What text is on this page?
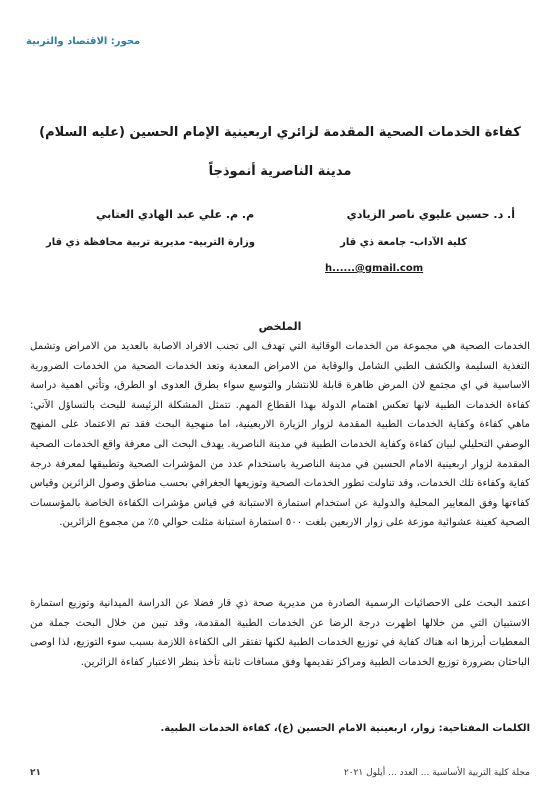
محور: الاقتصاد والتربية
كفاءة الخدمات الصحية المقدمة لزائري اربعينية الإمام الحسين (عليه السلام)
مدينة الناصرية أنموذجاً
أ. د. حسين عليوي ناصر الزيادي
كلية الآداب- جامعة ذي قار
h......@gmail.com
م. م. علي عبد الهادي العتابي
وزارة التربية- مديرية تربية محافظة ذي قار
الملخص
الخدمات الصحية هي مجموعة من الخدمات الوقائية التي تهدف الى تجنب الافراد الاصابة بالعديد من الامراض وتشمل التغذية السليمة والكشف الطبي الشامل والوقاية من الامراض المعدية وتعد الخدمات الصحية من الخدمات الضرورية الاساسية في اي مجتمع لان المرض ظاهرة قابلة للانتشار والتوسع سواء بطرق العدوى او الطرق، وتأتي اهمية دراسة كفاءة الخدمات الطبية لانها تعكس اهتمام الدولة بهذا القطاع المهم. تتمثل المشكلة الرئيسة للبحث بالتساؤل الآتي: ماهي كفاءة وكفاية الخدمات الطبية المقدمة لزوار الزيارة الاربعينية، اما منهجية البحث فقد تم الاعتماد على المنهج الوصفي التحليلي لبيان كفاءة وكفاية الخدمات الطبية في مدينة الناصرية. يهدف البحث الى معرفة واقع الخدمات الصحية المقدمة لزوار اربعينية الامام الحسين في مدينة الناصرية باستخدام عدد من المؤشرات الصحية وتطبيقها لمعرفة درجة كفاية وكفاءة تلك الخدمات، وقد تناولت تطور الخدمات الصحية وتوزيعها الجغرافي بحسب مناطق وصول الزائرين وقياس كفاءتها وفق المعايير المحلية والدولية عن استخدام استمارة الاستبانة في قياس مؤشرات الكفاءة الخاصة بالمؤسسات الصحية كعينة عشوائية موزعة على زوار الاربعين بلغت ٥٠٠ استمارة استبانة مثلت حوالي ٥٪ من مجموع الزائرين.
اعتمد البحث على الاحصائيات الرسمية الصادرة من مديرية صحة ذي قار فضلا عن الدراسة الميدانية وتوزيع استمارة الاستبيان التي من خلالها اظهرت درجة الرضا عن الخدمات الطبية المقدمة، وقد تبين من خلال البحث جملة من المعطيات أبرزها انه هناك كفاية في توزيع الخدمات الطبية لكنها تفتقر الى الكفاءة اللازمة بسبب سوء التوزيع، لذا اوصى الباحثان بضرورة توزيع الخدمات الطبية ومراكز تقديمها وفق مسافات ثابتة تأخذ بنظر الاعتبار كفاءة الزائرين.
الكلمات المفتاحية: زوار، اربعينية الامام الحسين (ع)، كفاءة الخدمات الطبية.
مجلة كلية التربية الأساسية ... العدد ... أيلول ٢٠٢١
٢١
